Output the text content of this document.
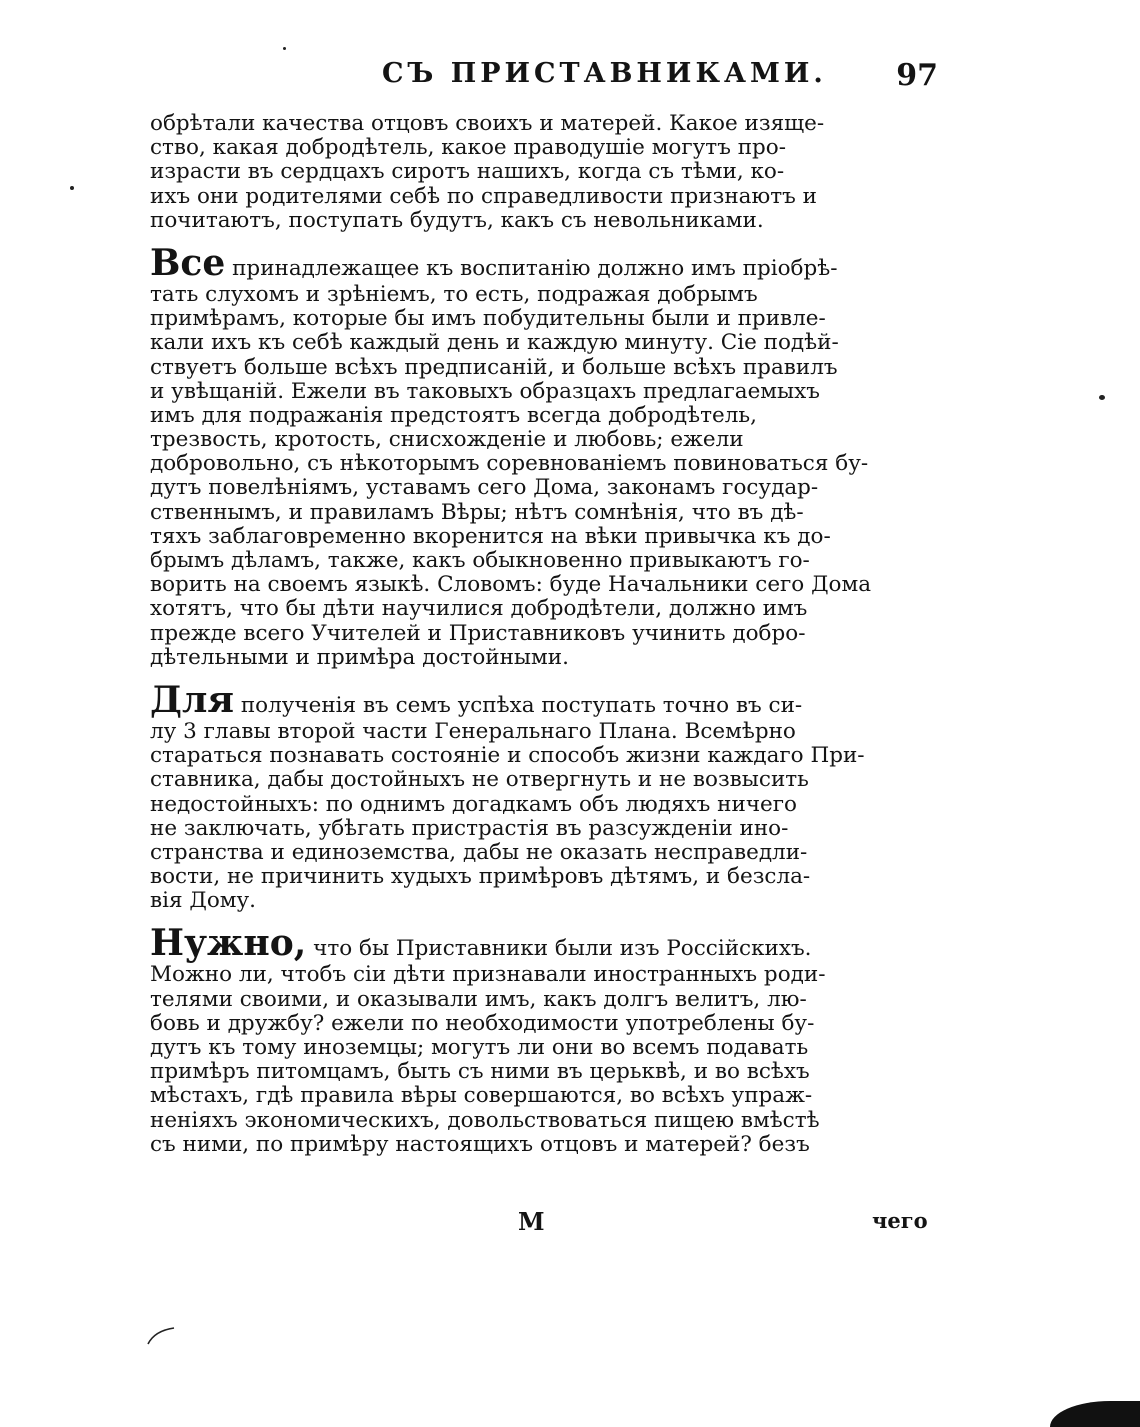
СЪ ПРИСТАВНИКАМИ. 97
обрѣтали качества отцовъ своихъ и матерей. Какое изяще-
ство, какая добродѣтель, какое праводушіе могутъ про-
израсти въ сердцахъ сиротъ нашихъ, когда съ тѣми, ко-
ихъ они родителями себѣ по справедливости признаютъ и
почитаютъ, поступать будутъ, какъ съ невольниками.
Все принадлежащее къ воспитанію должно имъ пріобрѣ-
тать слухомъ и зрѣніемъ, то есть, подражая добрымъ
примѣрамъ, которые бы имъ побудительны были и привле-
кали ихъ къ себѣ каждый день и каждую минуту. Сіе подѣй-
ствуетъ больше всѣхъ предписаній, и больше всѣхъ правилъ
и увѣщаній. Ежели въ таковыхъ образцахъ предлагаемыхъ
имъ для подражанія предстоятъ всегда добродѣтель,
трезвость, кротость, снисхожденіе и любовь; ежели
добровольно, съ нѣкоторымъ соревнованіемъ повиноваться бу-
дутъ повелѣніямъ, уставамъ сего Дома, законамъ государ-
ственнымъ, и правиламъ Вѣры; нѣтъ сомнѣнія, что въ дѣ-
тяхъ заблаговременно вкоренится на вѣки привычка къ до-
брымъ дѣламъ, также, какъ обыкновенно привыкаютъ го-
ворить на своемъ языкѣ. Словомъ: буде Начальники сего Дома
хотятъ, что бы дѣти научилися добродѣтели, должно имъ
прежде всего Учителей и Приставниковъ учинить добро-
дѣтельными и примѣра достойными.
Для полученія въ семъ успѣха поступать точно въ си-
лу 3 главы второй части Генеральнаго Плана. Всемѣрно
стараться познавать состояніе и способъ жизни каждаго При-
ставника, дабы достойныхъ не отвергнуть и не возвысить
недостойныхъ: по однимъ догадкамъ объ людяхъ ничего
не заключать, убѣгать пристрастія въ разсужденіи ино-
странства и единоземства, дабы не оказать несправедли-
вости, не причинить худыхъ примѣровъ дѣтямъ, и безсла-
вія Дому.
Нужно, что бы Приставники были изъ Россійскихъ.
Можно ли, чтобъ сіи дѣти признавали иностранныхъ роди-
телями своими, и оказывали имъ, какъ долгъ велитъ, лю-
бовь и дружбу? ежели по необходимости употреблены бу-
дутъ къ тому иноземцы; могутъ ли они во всемъ подавать
примѣръ питомцамъ, быть съ ними въ церьквѣ, и во всѣхъ
мѣстахъ, гдѣ правила вѣры совершаются, во всѣхъ упраж-
неніяхъ экономическихъ, довольствоваться пищею вмѣстѣ
съ ними, по примѣру настоящихъ отцовъ и матерей? безъ
M	чего
